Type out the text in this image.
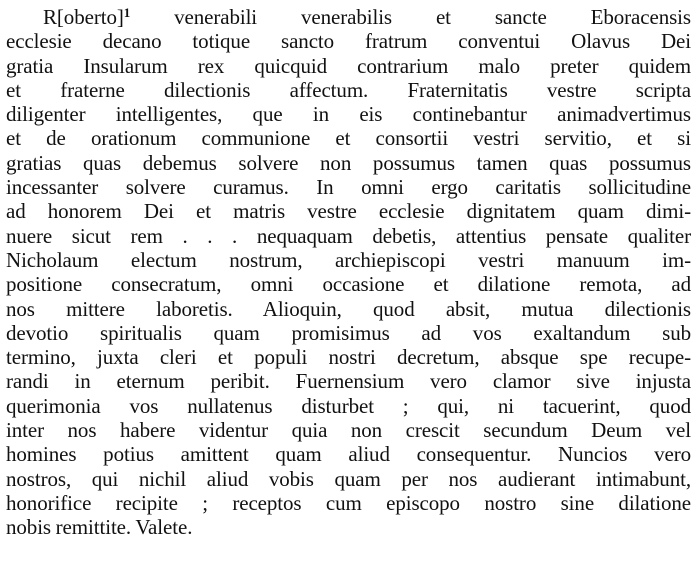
R[oberto]$^1$ venerabili venerabilis et sancte Eboracensis
ecclesie decano totique sancto fratrum conventui Olavus Dei
gratia Insularum rex quicquid contrarium malo preter quidem
et fraterne dilectionis affectum. Fraternitatis vestre scripta
diligenter intelligentes, que in eis continebantur animadvertimus
et de orationum communione et consortii vestri servitio, et si
gratias quas debemus solvere non possumus tamen quas possumus
incessanter solvere curamus. In omni ergo caritatis sollicitudine
ad honorem Dei et matris vestre ecclesie dignitatem quam dimi-
nuere sicut rem . . . nequaquam debetis, attentius pensate qualiter
Nicholaum electum nostrum, archiepiscopi vestri manuum im-
positione consecratum, omni occasione et dilatione remota, ad
nos mittere laboretis. Alioquin, quod absit, mutua dilectionis
devotio spiritualis quam promisimus ad vos exaltandum sub
termino, juxta cleri et populi nostri decretum, absque spe recupe-
randi in eternum peribit. Fuernensium vero clamor sive injusta
querimonia vos nullatenus disturbet ; qui, ni tacuerint, quod
inter nos habere videntur quia non crescit secundum Deum vel
homines potius amittent quam aliud consequentur. Nuncios vero
nostros, qui nichil aliud vobis quam per nos audierant intimabunt,
honorifice recipite ; receptos cum episcopo nostro sine dilatione
nobis remittite. Valete.
